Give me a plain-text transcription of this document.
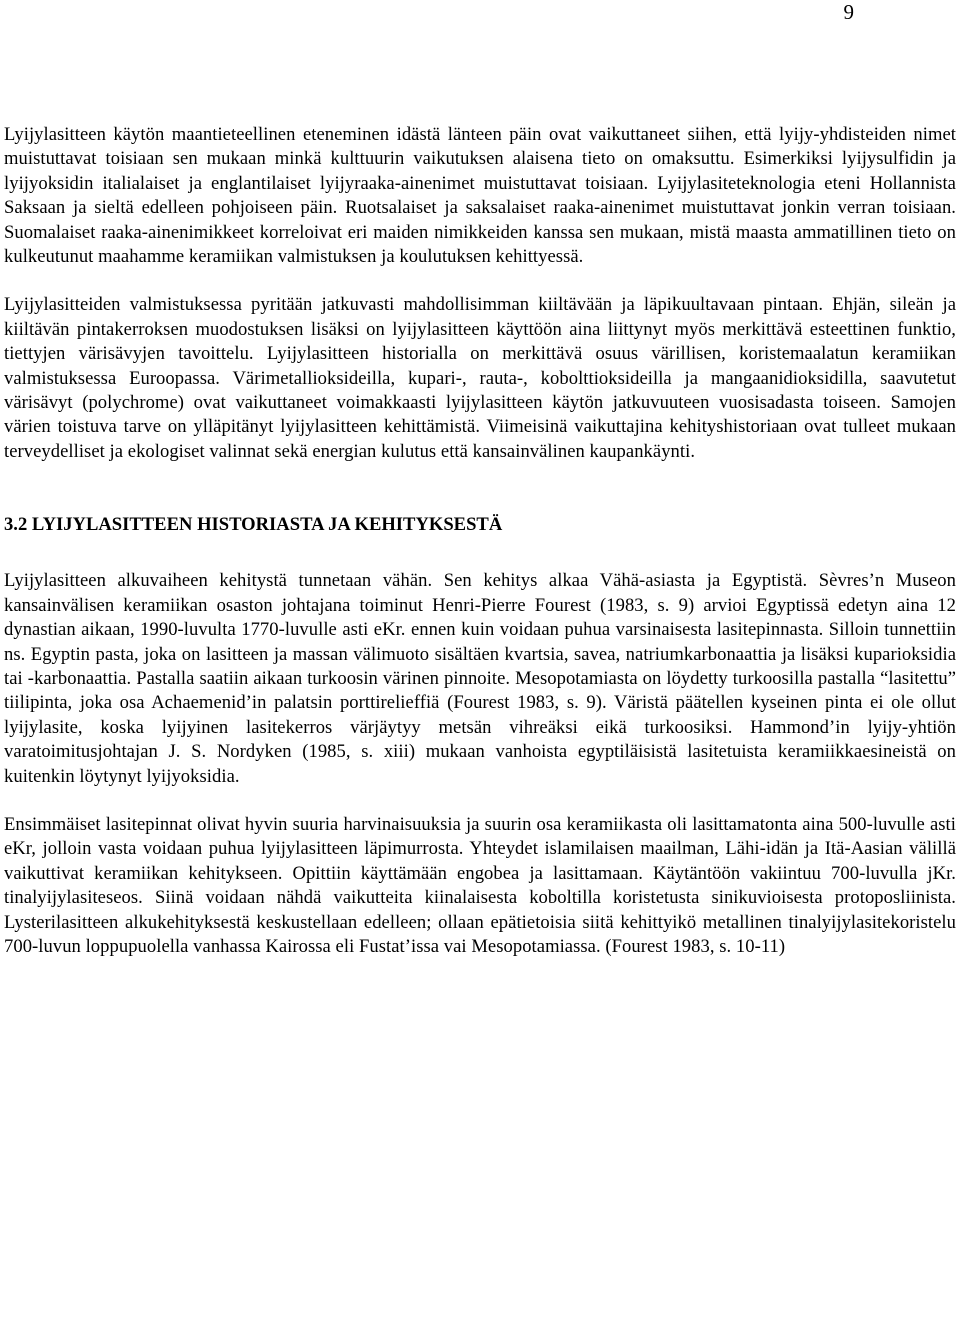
9

Lyijylasitteen käytön maantieteellinen eteneminen idästä länteen päin ovat vaikuttaneet siihen, että lyijy-yhdisteiden nimet muistuttavat toisiaan sen mukaan minkä kulttuurin vaikutuksen alaisena tieto on omaksuttu. Esimerkiksi lyijysulfidin ja lyijyoksidin italialaiset ja englantilaiset lyijyraaka-ainenimet muistuttavat toisiaan. Lyijylasiteteknologia eteni Hollannista Saksaan ja sieltä edelleen pohjoiseen päin. Ruotsalaiset ja saksalaiset raaka-ainenimet muistuttavat jonkin verran toisiaan. Suomalaiset raaka-ainenimikkeet korreloivat eri maiden nimikkeiden kanssa sen mukaan, mistä maasta ammatillinen tieto on kulkeutunut maahamme keramiikan valmistuksen ja koulutuksen kehittyessä.

Lyijylasitteiden valmistuksessa pyritään jatkuvasti mahdollisimman kiiltävään ja läpikuultavaan pintaan. Ehjän, sileän ja kiiltävän pintakerroksen muodostuksen lisäksi on lyijylasitteen käyttöön aina liittynyt myös merkittävä esteettinen funktio, tiettyjen värisävyjen tavoittelu. Lyijylasitteen historialla on merkittävä osuus värillisen, koristemaalatun keramiikan valmistuksessa Euroopassa. Värimetallioksideilla, kupari-, rauta-, kobolttioksideilla ja mangaanidioksidilla, saavutetut värisävyt (polychrome) ovat vaikuttaneet voimakkaasti lyijylasitteen käytön jatkuvuuteen vuosisadasta toiseen. Samojen värien toistuva tarve on ylläpitänyt lyijylasitteen kehittämistä. Viimeisinä vaikuttajina kehityshistoriaan ovat tulleet mukaan terveydelliset ja ekologiset valinnat sekä energian kulutus että kansainvälinen kaupankäynti.

3.2 LYIJYLASITTEEN HISTORIASTA JA KEHITYKSESTÄ

Lyijylasitteen alkuvaiheen kehitystä tunnetaan vähän. Sen kehitys alkaa Vähä-asiasta ja Egyptistä. Sèvres’n Museon kansainvälisen keramiikan osaston johtajana toiminut Henri-Pierre Fourest (1983, s. 9) arvioi Egyptissä edetyn aina 12 dynastian aikaan, 1990-luvulta 1770-luvulle asti eKr. ennen kuin voidaan puhua varsinaisesta lasitepinnasta. Silloin tunnettiin ns. Egyptin pasta, joka on lasitteen ja massan välimuoto sisältäen kvartsia, savea, natriumkarbonaattia ja lisäksi kuparioksidia tai -karbonaattia. Pastalla saatiin aikaan turkoosin värinen pinnoite. Mesopotamiasta on löydetty turkoosilla pastalla “lasitettu” tiilipinta, joka osa Achaemenid’in palatsin porttirelieffiä (Fourest 1983, s. 9). Väristä päätellen kyseinen pinta ei ole ollut lyijylasite, koska lyijyinen lasitekerros värjäytyy metsän vihreäksi eikä turkoosiksi. Hammond’in lyijy-yhtiön varatoimitusjohtajan J. S. Nordyken (1985, s. xiii) mukaan vanhoista egyptiläisistä lasitetuista keramiikkaesineistä on kuitenkin löytynyt lyijyoksidia.

Ensimmäiset lasitepinnat olivat hyvin suuria harvinaisuuksia ja suurin osa keramiikasta oli lasittamatonta aina 500-luvulle asti eKr, jolloin vasta voidaan puhua lyijylasitteen läpimurrosta. Yhteydet islamilaisen maailman, Lähi-idän ja Itä-Aasian välillä vaikuttivat keramiikan kehitykseen. Opittiin käyttämään engobea ja lasittamaan. Käytäntöön vakiintuu 700-luvulla jKr. tinalyijylasiteseos. Siinä voidaan nähdä vaikutteita kiinalaisesta koboltilla koristetusta sinikuvioisesta protoposliinista. Lysterilasitteen alkukehityksestä keskustellaan edelleen; ollaan epätietoisia siitä kehittyikö metallinen tinalyijylasitekoristelu 700-luvun loppupuolella vanhassa Kairossa eli Fustat’issa vai Mesopotamiassa. (Fourest 1983, s. 10-11)
